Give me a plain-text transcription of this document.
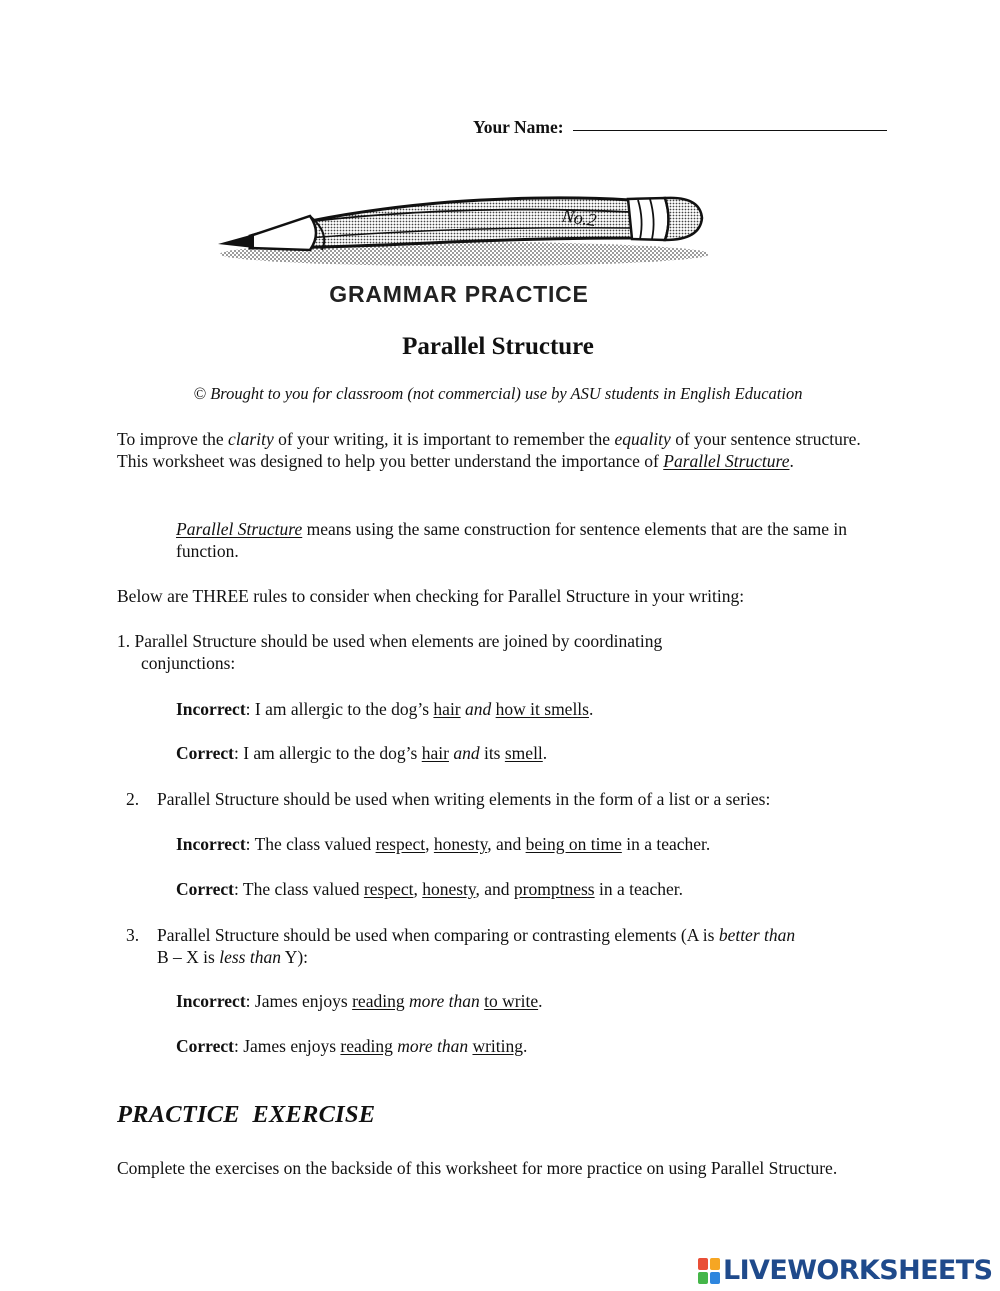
Your Name:
No.2
GRAMMAR PRACTICE
Parallel Structure
© Brought to you for classroom (not commercial) use by ASU students in English Education
To improve the clarity of your writing, it is important to remember the equality of your sentence structure. This worksheet was designed to help you better understand the importance of Parallel Structure.
Parallel Structure means using the same construction for sentence elements that are the same in function.
Below are THREE rules to consider when checking for Parallel Structure in your writing:
1. Parallel Structure should be used when elements are joined by coordinating
conjunctions:
Incorrect: I am allergic to the dog’s hair and how it smells.
Correct: I am allergic to the dog’s hair and its smell.
2.	Parallel Structure should be used when writing elements in the form of a list or a series:
Incorrect: The class valued respect, honesty, and being on time in a teacher.
Correct: The class valued respect, honesty, and promptness in a teacher.
3.	Parallel Structure should be used when comparing or contrasting elements (A is better than
B – X is less than Y):
Incorrect: James enjoys reading more than to write.
Correct: James enjoys reading more than writing.
PRACTICE  EXERCISE
Complete the exercises on the backside of this worksheet for more practice on using Parallel Structure.
LIVEWORKSHEETS
